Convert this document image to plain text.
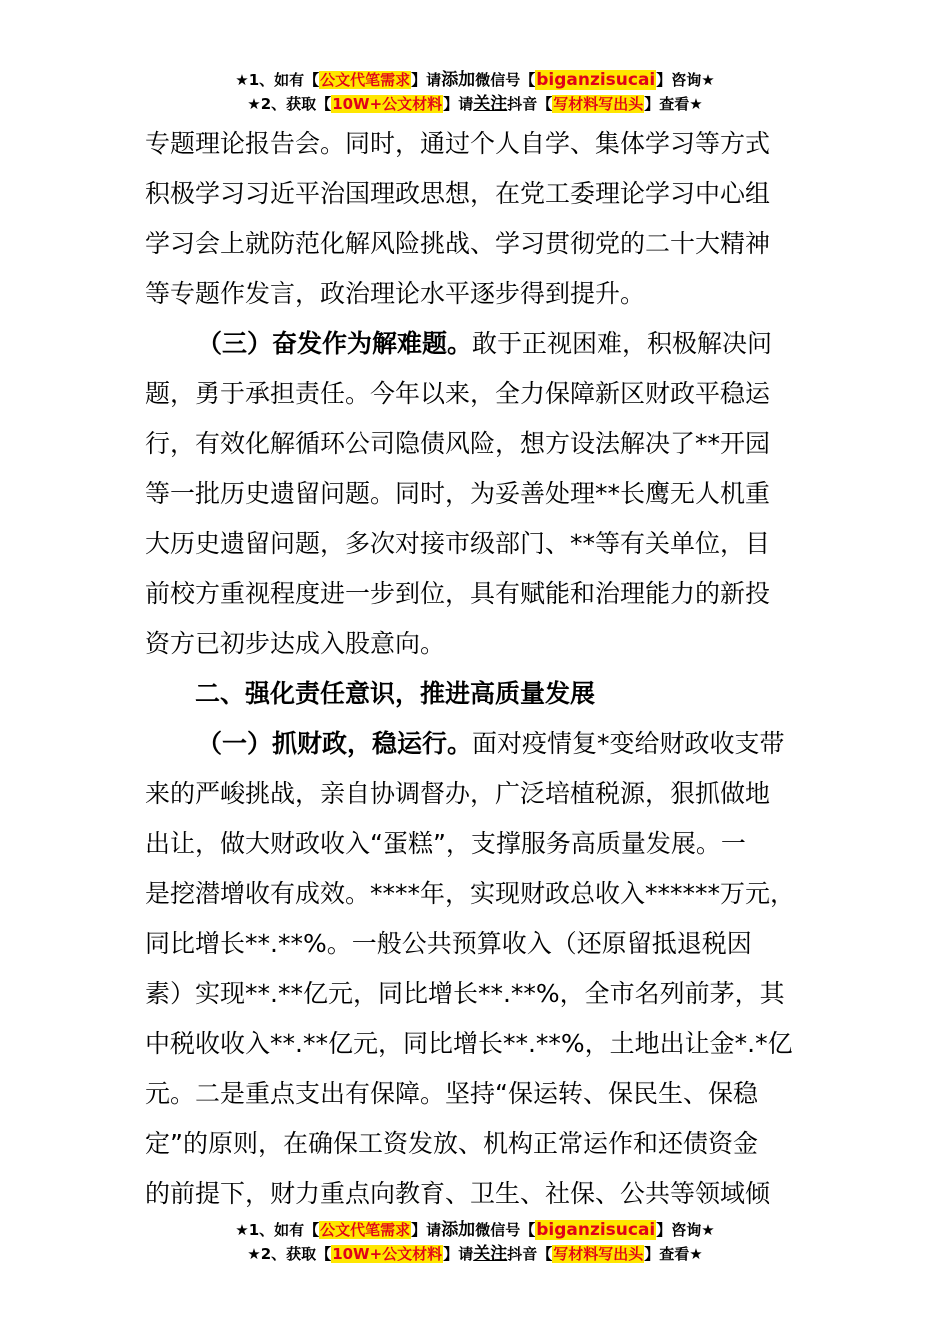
★1、如有【公文代笔需求】请添加微信号【biganzisucai】咨询★
★2、获取【10W+公文材料】请关注抖音【写材料写出头】查看★
专题理论报告会。同时，通过个人自学、集体学习等方式
积极学习习近平治国理政思想，在党工委理论学习中心组
学习会上就防范化解风险挑战、学习贯彻党的二十大精神
等专题作发言，政治理论水平逐步得到提升。
（三）奋发作为解难题。敢于正视困难，积极解决问
题，勇于承担责任。今年以来，全力保障新区财政平稳运
行，有效化解循环公司隐债风险，想方设法解决了**开园
等一批历史遗留问题。同时，为妥善处理**长鹰无人机重
大历史遗留问题，多次对接市级部门、**等有关单位，目
前校方重视程度进一步到位，具有赋能和治理能力的新投
资方已初步达成入股意向。
二、强化责任意识，推进高质量发展
（一）抓财政，稳运行。面对疫情复*变给财政收支带
来的严峻挑战，亲自协调督办，广泛培植税源，狠抓做地
出让，做大财政收入“蛋糕”，支撑服务高质量发展。一
是挖潜增收有成效。****年，实现财政总收入******万元，
同比增长**.**%。一般公共预算收入（还原留抵退税因
素）实现**.**亿元，同比增长**.**%，全市名列前茅，其
中税收收入**.**亿元，同比增长**.**%，土地出让金*.*亿
元。二是重点支出有保障。坚持“保运转、保民生、保稳
定”的原则，在确保工资发放、机构正常运作和还债资金
的前提下，财力重点向教育、卫生、社保、公共等领域倾
★1、如有【公文代笔需求】请添加微信号【biganzisucai】咨询★
★2、获取【10W+公文材料】请关注抖音【写材料写出头】查看★
